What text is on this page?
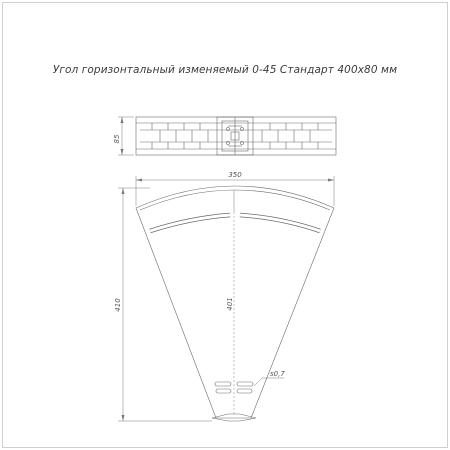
Угол горизонтальный изменяемый 0-45 Стандарт 400х80 мм
85
350
410	401
s0,7
